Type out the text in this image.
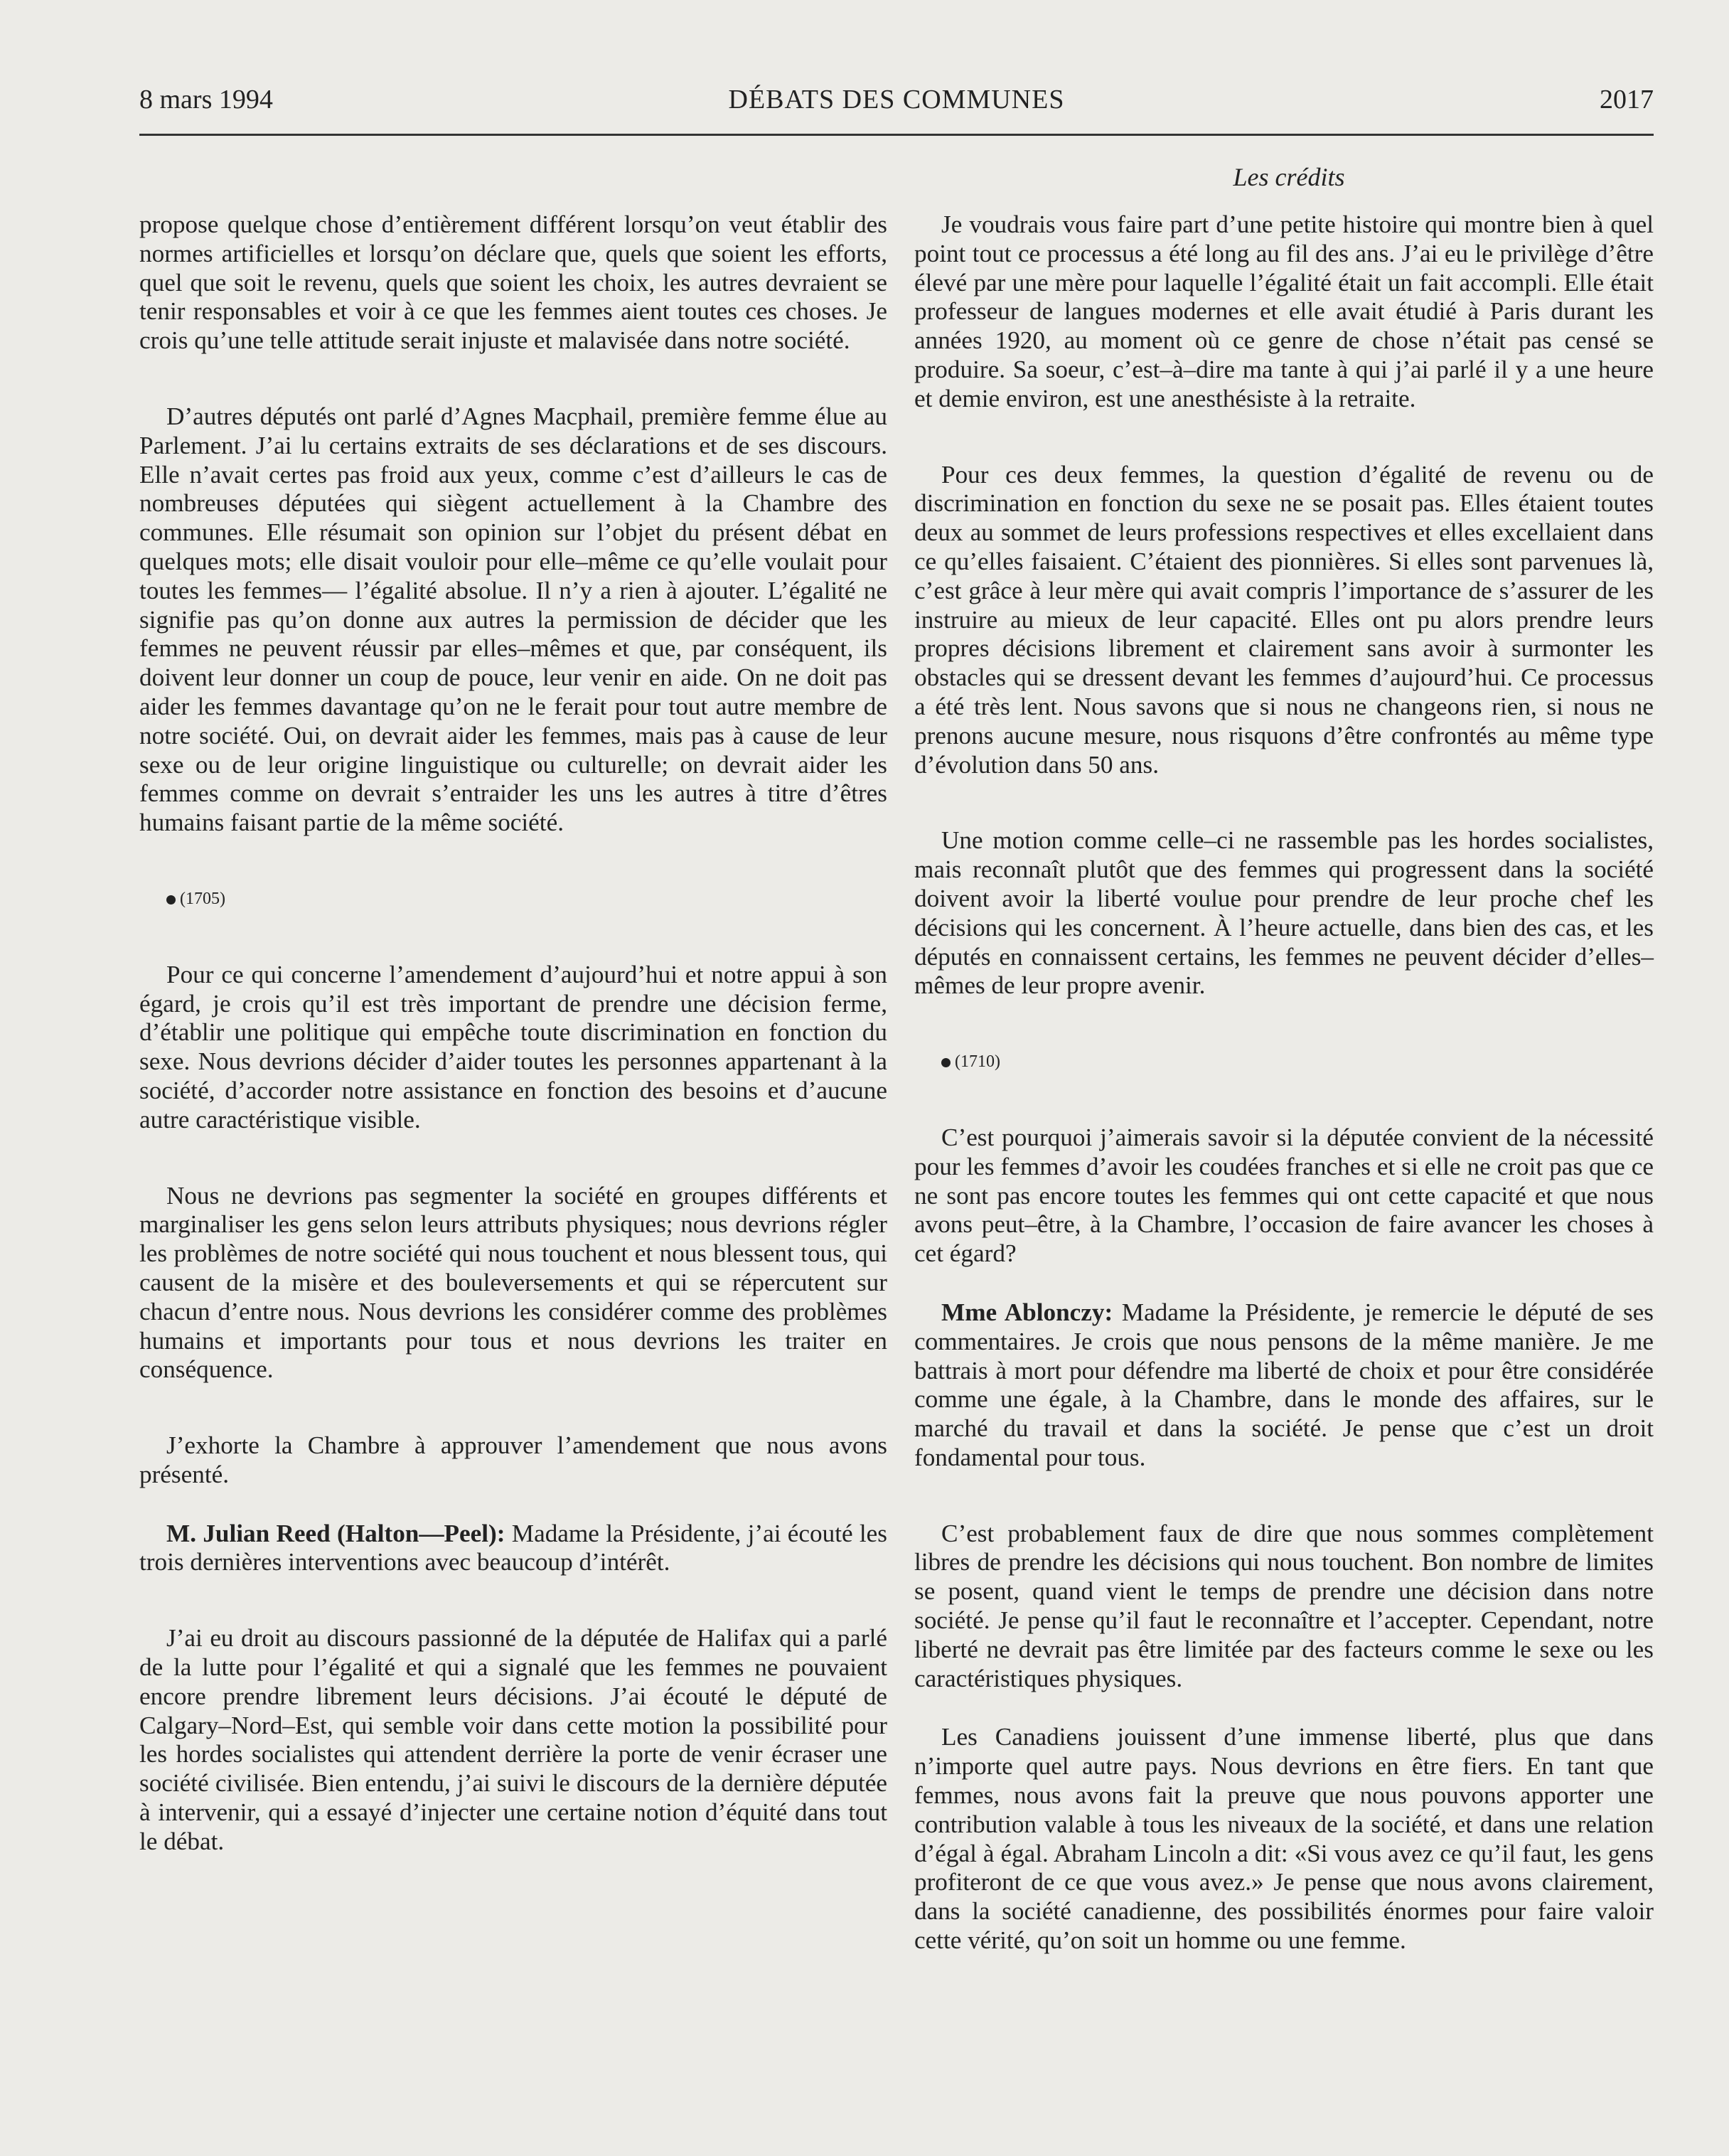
8 mars 1994	DÉBATS DES COMMUNES	2017
Les crédits

propose quelque chose d’entièrement différent lorsqu’on veut établir des normes artificielles et lorsqu’on déclare que, quels que soient les efforts, quel que soit le revenu, quels que soient les choix, les autres devraient se tenir responsables et voir à ce que les femmes aient toutes ces choses. Je crois qu’une telle attitude serait injuste et malavisée dans notre société.

D’autres députés ont parlé d’Agnes Macphail, première femme élue au Parlement. J’ai lu certains extraits de ses déclarations et de ses discours. Elle n’avait certes pas froid aux yeux, comme c’est d’ailleurs le cas de nombreuses députées qui siègent actuellement à la Chambre des communes. Elle résumait son opinion sur l’objet du présent débat en quelques mots; elle disait vouloir pour elle–même ce qu’elle voulait pour toutes les femmes— l’égalité absolue. Il n’y a rien à ajouter. L’égalité ne signifie pas qu’on donne aux autres la permission de décider que les femmes ne peuvent réussir par elles–mêmes et que, par conséquent, ils doivent leur donner un coup de pouce, leur venir en aide. On ne doit pas aider les femmes davantage qu’on ne le ferait pour tout autre membre de notre société. Oui, on devrait aider les femmes, mais pas à cause de leur sexe ou de leur origine linguistique ou culturelle; on devrait aider les femmes comme on devrait s’entraider les uns les autres à titre d’êtres humains faisant partie de la même société.

(1705)

Pour ce qui concerne l’amendement d’aujourd’hui et notre appui à son égard, je crois qu’il est très important de prendre une décision ferme, d’établir une politique qui empêche toute discrimination en fonction du sexe. Nous devrions décider d’aider toutes les personnes appartenant à la société, d’accorder notre assistance en fonction des besoins et d’aucune autre caractéristique visible.

Nous ne devrions pas segmenter la société en groupes différents et marginaliser les gens selon leurs attributs physiques; nous devrions régler les problèmes de notre société qui nous touchent et nous blessent tous, qui causent de la misère et des bouleversements et qui se répercutent sur chacun d’entre nous. Nous devrions les considérer comme des problèmes humains et importants pour tous et nous devrions les traiter en conséquence.

J’exhorte la Chambre à approuver l’amendement que nous avons présenté.

M. Julian Reed (Halton—Peel): Madame la Présidente, j’ai écouté les trois dernières interventions avec beaucoup d’intérêt.

J’ai eu droit au discours passionné de la députée de Halifax qui a parlé de la lutte pour l’égalité et qui a signalé que les femmes ne pouvaient encore prendre librement leurs décisions. J’ai écouté le député de Calgary–Nord–Est, qui semble voir dans cette motion la possibilité pour les hordes socialistes qui attendent derrière la porte de venir écraser une société civilisée. Bien entendu, j’ai suivi le discours de la dernière députée à intervenir, qui a essayé d’injecter une certaine notion d’équité dans tout le débat.

Je voudrais vous faire part d’une petite histoire qui montre bien à quel point tout ce processus a été long au fil des ans. J’ai eu le privilège d’être élevé par une mère pour laquelle l’égalité était un fait accompli. Elle était professeur de langues modernes et elle avait étudié à Paris durant les années 1920, au moment où ce genre de chose n’était pas censé se produire. Sa soeur, c’est–à–dire ma tante à qui j’ai parlé il y a une heure et demie environ, est une anesthésiste à la retraite.

Pour ces deux femmes, la question d’égalité de revenu ou de discrimination en fonction du sexe ne se posait pas. Elles étaient toutes deux au sommet de leurs professions respectives et elles excellaient dans ce qu’elles faisaient. C’étaient des pionnières. Si elles sont parvenues là, c’est grâce à leur mère qui avait compris l’importance de s’assurer de les instruire au mieux de leur capacité. Elles ont pu alors prendre leurs propres décisions librement et clairement sans avoir à surmonter les obstacles qui se dressent devant les femmes d’aujourd’hui. Ce processus a été très lent. Nous savons que si nous ne changeons rien, si nous ne prenons aucune mesure, nous risquons d’être confrontés au même type d’évolution dans 50 ans.

Une motion comme celle–ci ne rassemble pas les hordes socialistes, mais reconnaît plutôt que des femmes qui progressent dans la société doivent avoir la liberté voulue pour prendre de leur proche chef les décisions qui les concernent. À l’heure actuelle, dans bien des cas, et les députés en connaissent certains, les femmes ne peuvent décider d’elles–mêmes de leur propre avenir.

(1710)

C’est pourquoi j’aimerais savoir si la députée convient de la nécessité pour les femmes d’avoir les coudées franches et si elle ne croit pas que ce ne sont pas encore toutes les femmes qui ont cette capacité et que nous avons peut–être, à la Chambre, l’occasion de faire avancer les choses à cet égard?

Mme Ablonczy: Madame la Présidente, je remercie le député de ses commentaires. Je crois que nous pensons de la même manière. Je me battrais à mort pour défendre ma liberté de choix et pour être considérée comme une égale, à la Chambre, dans le monde des affaires, sur le marché du travail et dans la société. Je pense que c’est un droit fondamental pour tous.

C’est probablement faux de dire que nous sommes complètement libres de prendre les décisions qui nous touchent. Bon nombre de limites se posent, quand vient le temps de prendre une décision dans notre société. Je pense qu’il faut le reconnaître et l’accepter. Cependant, notre liberté ne devrait pas être limitée par des facteurs comme le sexe ou les caractéristiques physiques.

Les Canadiens jouissent d’une immense liberté, plus que dans n’importe quel autre pays. Nous devrions en être fiers. En tant que femmes, nous avons fait la preuve que nous pouvons apporter une contribution valable à tous les niveaux de la société, et dans une relation d’égal à égal. Abraham Lincoln a dit: «Si vous avez ce qu’il faut, les gens profiteront de ce que vous avez.» Je pense que nous avons clairement, dans la société canadienne, des possibilités énormes pour faire valoir cette vérité, qu’on soit un homme ou une femme.
